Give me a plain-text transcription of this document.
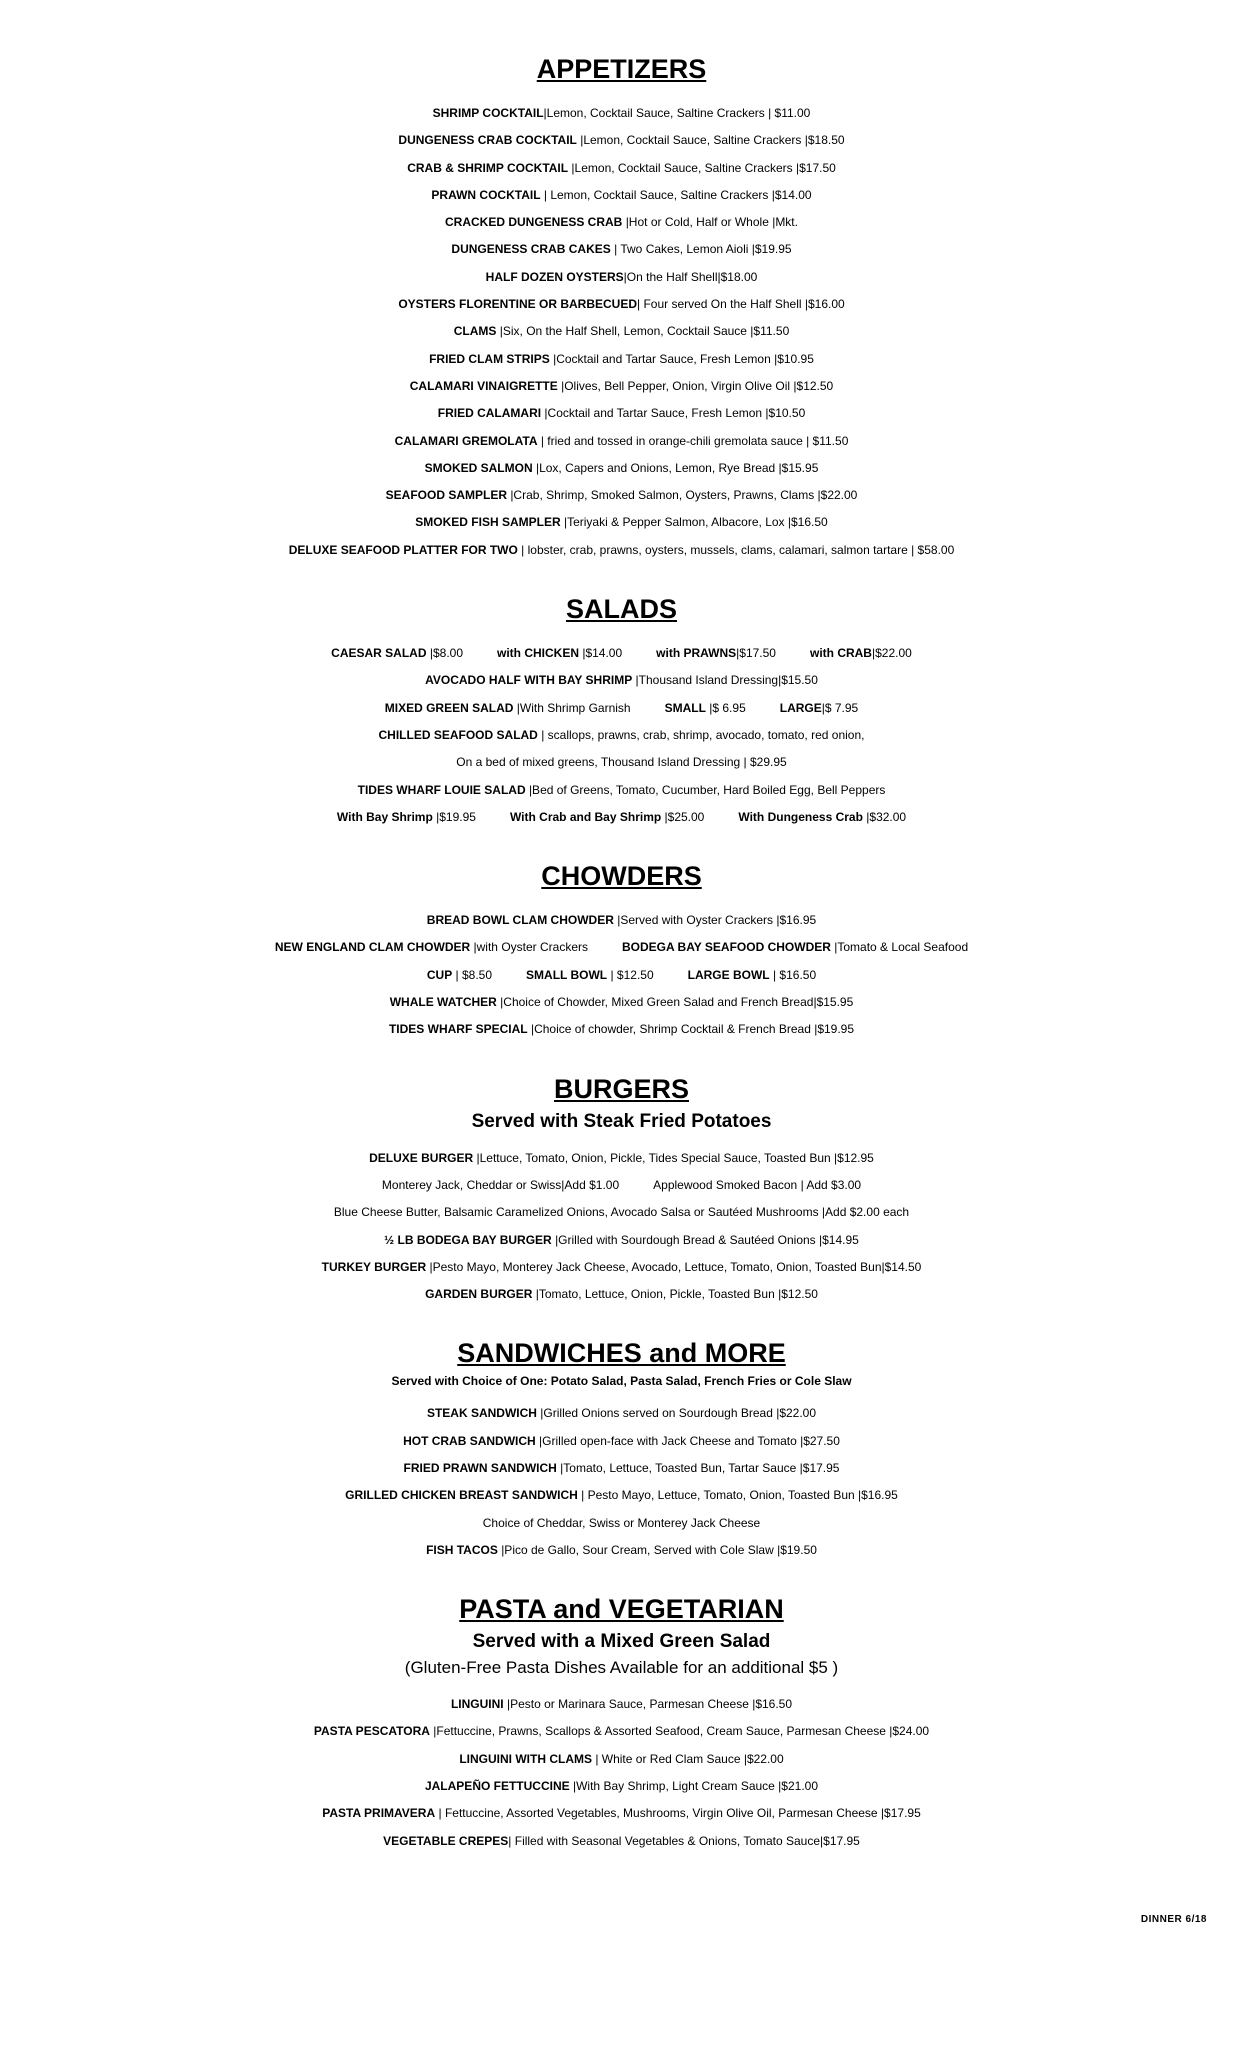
APPETIZERS
SHRIMP COCKTAIL|Lemon, Cocktail Sauce, Saltine Crackers | $11.00
DUNGENESS CRAB COCKTAIL |Lemon, Cocktail Sauce, Saltine Crackers |$18.50
CRAB & SHRIMP COCKTAIL |Lemon, Cocktail Sauce, Saltine Crackers |$17.50
PRAWN COCKTAIL | Lemon, Cocktail Sauce, Saltine Crackers |$14.00
CRACKED DUNGENESS CRAB |Hot or Cold, Half or Whole |Mkt.
DUNGENESS CRAB CAKES | Two Cakes, Lemon Aioli |$19.95
HALF DOZEN OYSTERS|On the Half Shell|$18.00
OYSTERS FLORENTINE OR BARBECUED| Four served On the Half Shell |$16.00
CLAMS |Six, On the Half Shell, Lemon, Cocktail Sauce |$11.50
FRIED CLAM STRIPS |Cocktail and Tartar Sauce, Fresh Lemon |$10.95
CALAMARI VINAIGRETTE |Olives, Bell Pepper, Onion, Virgin Olive Oil |$12.50
FRIED CALAMARI |Cocktail and Tartar Sauce, Fresh Lemon |$10.50
CALAMARI GREMOLATA | fried and tossed in orange-chili gremolata sauce | $11.50
SMOKED SALMON |Lox, Capers and Onions, Lemon, Rye Bread |$15.95
SEAFOOD SAMPLER |Crab, Shrimp, Smoked Salmon, Oysters, Prawns, Clams |$22.00
SMOKED FISH SAMPLER |Teriyaki & Pepper Salmon, Albacore, Lox |$16.50
DELUXE SEAFOOD PLATTER FOR TWO | lobster, crab, prawns, oysters, mussels, clams, calamari, salmon tartare | $58.00
SALADS
CAESAR SALAD |$8.00	with CHICKEN |$14.00	with PRAWNS|$17.50	with CRAB|$22.00
AVOCADO HALF WITH BAY SHRIMP |Thousand Island Dressing|$15.50
MIXED GREEN SALAD |With Shrimp Garnish	SMALL |$ 6.95	LARGE|$ 7.95
CHILLED SEAFOOD SALAD | scallops, prawns, crab, shrimp, avocado, tomato, red onion,
On a bed of mixed greens, Thousand Island Dressing | $29.95
TIDES WHARF LOUIE SALAD |Bed of Greens, Tomato, Cucumber, Hard Boiled Egg, Bell Peppers
With Bay Shrimp |$19.95	With Crab and Bay Shrimp |$25.00	With Dungeness Crab |$32.00
CHOWDERS
BREAD BOWL CLAM CHOWDER |Served with Oyster Crackers |$16.95
NEW ENGLAND CLAM CHOWDER |with Oyster Crackers	BODEGA BAY SEAFOOD CHOWDER |Tomato & Local Seafood
CUP | $8.50	SMALL BOWL | $12.50	LARGE BOWL | $16.50
WHALE WATCHER |Choice of Chowder, Mixed Green Salad and French Bread|$15.95
TIDES WHARF SPECIAL |Choice of chowder, Shrimp Cocktail & French Bread |$19.95
BURGERS
Served with Steak Fried Potatoes
DELUXE BURGER |Lettuce, Tomato, Onion, Pickle, Tides Special Sauce, Toasted Bun |$12.95
Monterey Jack, Cheddar or Swiss|Add $1.00	Applewood Smoked Bacon | Add $3.00
Blue Cheese Butter, Balsamic Caramelized Onions, Avocado Salsa or Sautéed Mushrooms |Add $2.00 each
½ LB BODEGA BAY BURGER |Grilled with Sourdough Bread & Sautéed Onions |$14.95
TURKEY BURGER |Pesto Mayo, Monterey Jack Cheese, Avocado, Lettuce, Tomato, Onion, Toasted Bun|$14.50
GARDEN BURGER |Tomato, Lettuce, Onion, Pickle, Toasted Bun |$12.50
SANDWICHES and MORE
Served with Choice of One: Potato Salad, Pasta Salad, French Fries or Cole Slaw
STEAK SANDWICH |Grilled Onions served on Sourdough Bread |$22.00
HOT CRAB SANDWICH |Grilled open-face with Jack Cheese and Tomato |$27.50
FRIED PRAWN SANDWICH |Tomato, Lettuce, Toasted Bun, Tartar Sauce |$17.95
GRILLED CHICKEN BREAST SANDWICH | Pesto Mayo, Lettuce, Tomato, Onion, Toasted Bun |$16.95
Choice of Cheddar, Swiss or Monterey Jack Cheese
FISH TACOS |Pico de Gallo, Sour Cream, Served with Cole Slaw |$19.50
PASTA and VEGETARIAN
Served with a Mixed Green Salad
(Gluten-Free Pasta Dishes Available for an additional $5 )
LINGUINI |Pesto or Marinara Sauce, Parmesan Cheese |$16.50
PASTA PESCATORA |Fettuccine, Prawns, Scallops & Assorted Seafood, Cream Sauce, Parmesan Cheese |$24.00
LINGUINI WITH CLAMS | White or Red Clam Sauce |$22.00
JALAPEÑO FETTUCCINE |With Bay Shrimp, Light Cream Sauce |$21.00
PASTA PRIMAVERA | Fettuccine, Assorted Vegetables, Mushrooms, Virgin Olive Oil, Parmesan Cheese |$17.95
VEGETABLE CREPES| Filled with Seasonal Vegetables & Onions, Tomato Sauce|$17.95
DINNER 6/18
